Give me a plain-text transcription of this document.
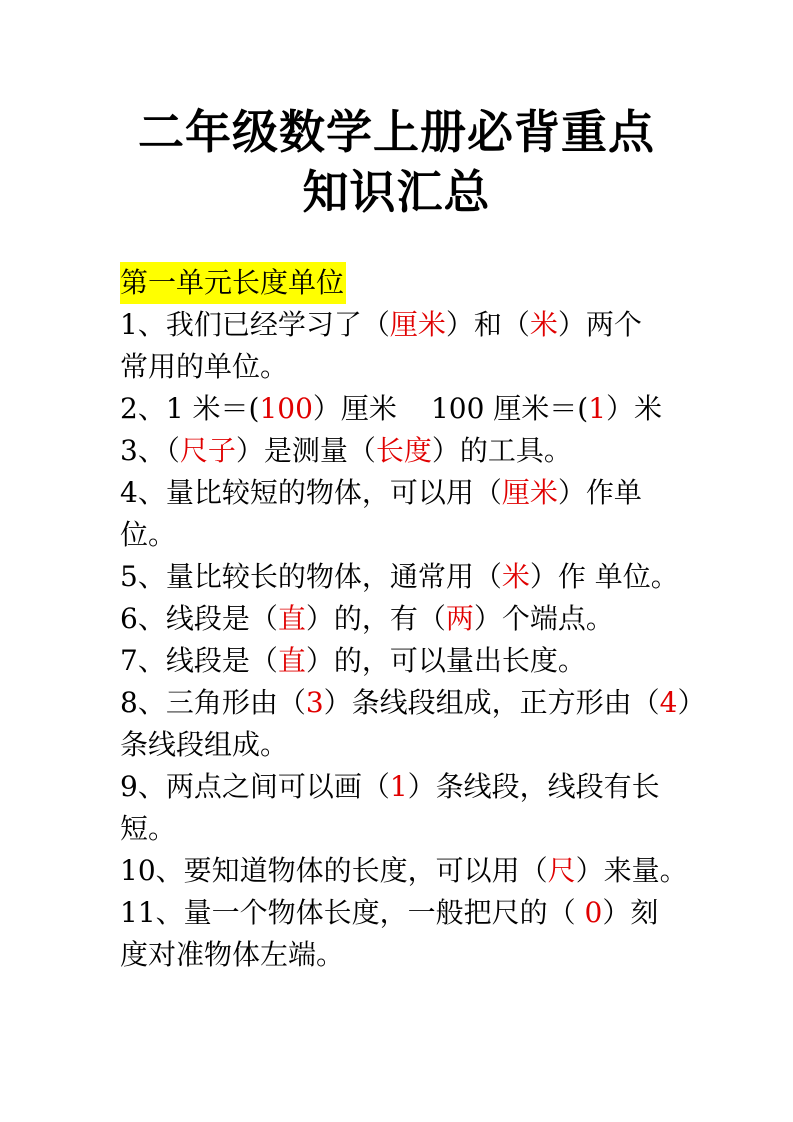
二年级数学上册必背重点
知识汇总
第一单元长度单位
1、我们已经学习了（厘米）和（米）两个
常用的单位。
2、1 米＝(100）厘米 100 厘米＝(1）米
3、（尺子）是测量（长度）的工具。
4、量比较短的物体，可以用（厘米）作单
位。
5、量比较长的物体，通常用（米）作 单位。
6、线段是（直）的，有（两）个端点。
7、线段是（直）的，可以量出长度。
8、三角形由（3）条线段组成，正方形由（4）
条线段组成。
9、两点之间可以画（1）条线段，线段有长
短。
10、要知道物体的长度，可以用（尺）来量。
11、量一个物体长度，一般把尺的（ 0）刻
度对准物体左端。
